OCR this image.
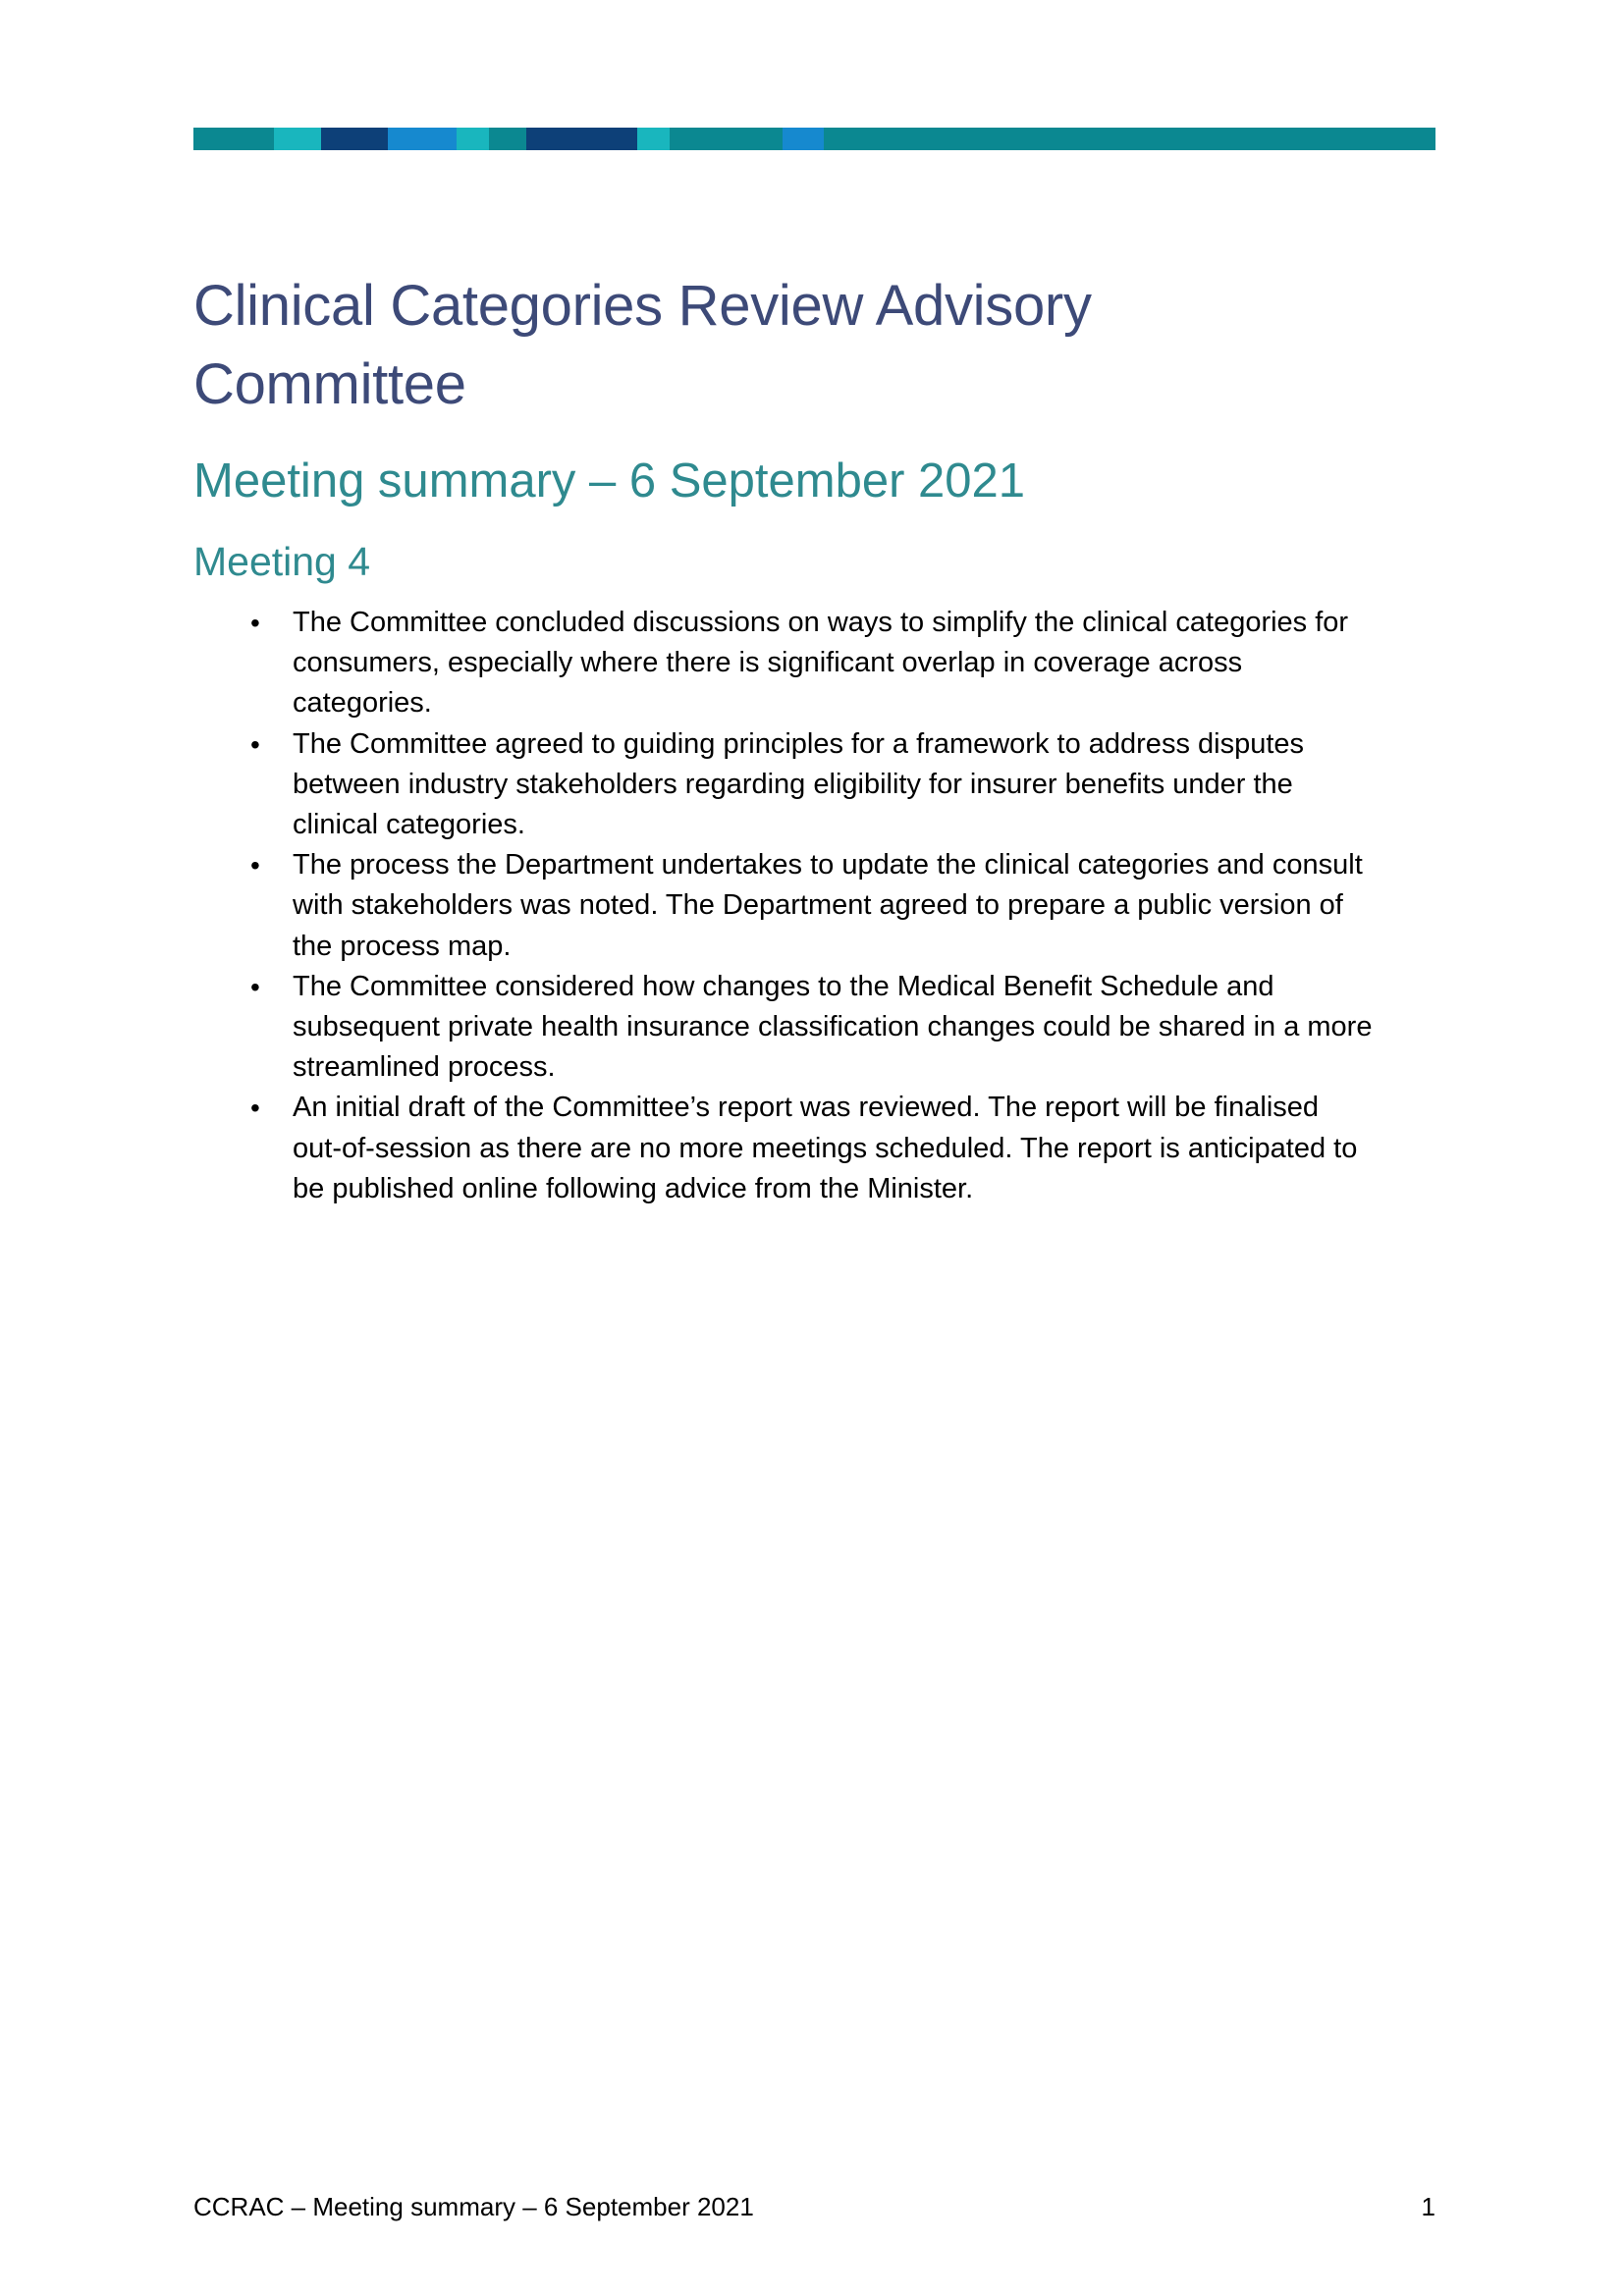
Clinical Categories Review Advisory
Committee
Meeting summary – 6 September 2021
Meeting 4
• The Committee concluded discussions on ways to simplify the clinical categories for
consumers, especially where there is significant overlap in coverage across
categories.
• The Committee agreed to guiding principles for a framework to address disputes
between industry stakeholders regarding eligibility for insurer benefits under the
clinical categories.
• The process the Department undertakes to update the clinical categories and consult
with stakeholders was noted. The Department agreed to prepare a public version of
the process map.
• The Committee considered how changes to the Medical Benefit Schedule and
subsequent private health insurance classification changes could be shared in a more
streamlined process.
• An initial draft of the Committee’s report was reviewed. The report will be finalised
out-of-session as there are no more meetings scheduled. The report is anticipated to
be published online following advice from the Minister.
CCRAC – Meeting summary – 6 September 2021	1
